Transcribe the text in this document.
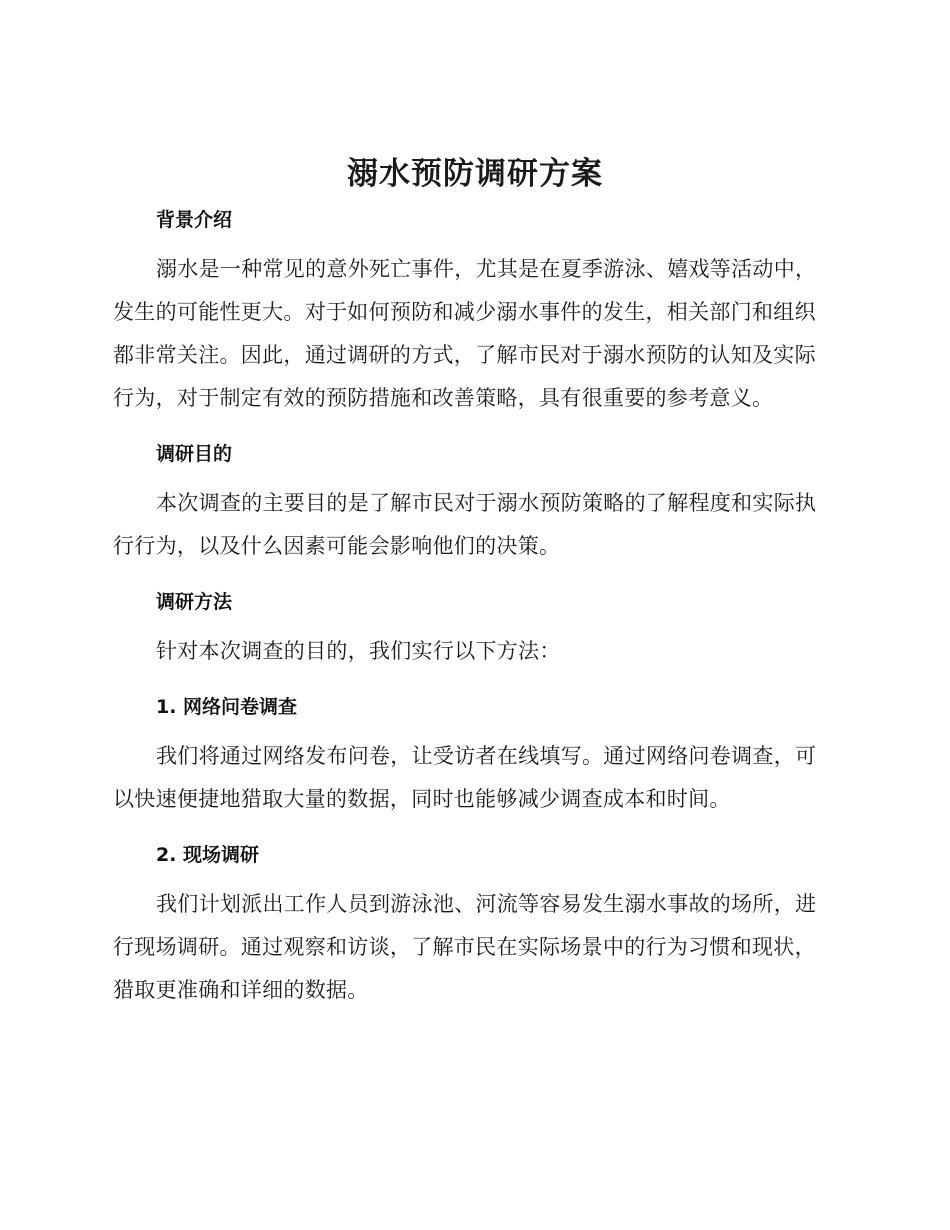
溺水预防调研方案
背景介绍

溺水是一种常见的意外死亡事件，尤其是在夏季游泳、嬉戏等活动中，发生的可能性更大。对于如何预防和减少溺水事件的发生，相关部门和组织都非常关注。因此，通过调研的方式，了解市民对于溺水预防的认知及实际行为，对于制定有效的预防措施和改善策略，具有很重要的参考意义。

调研目的

本次调查的主要目的是了解市民对于溺水预防策略的了解程度和实际执行行为，以及什么因素可能会影响他们的决策。

调研方法

针对本次调查的目的，我们实行以下方法：

1. 网络问卷调查

我们将通过网络发布问卷，让受访者在线填写。通过网络问卷调查，可以快速便捷地猎取大量的数据，同时也能够减少调查成本和时间。

2. 现场调研

我们计划派出工作人员到游泳池、河流等容易发生溺水事故的场所，进行现场调研。通过观察和访谈，了解市民在实际场景中的行为习惯和现状，猎取更准确和详细的数据。
